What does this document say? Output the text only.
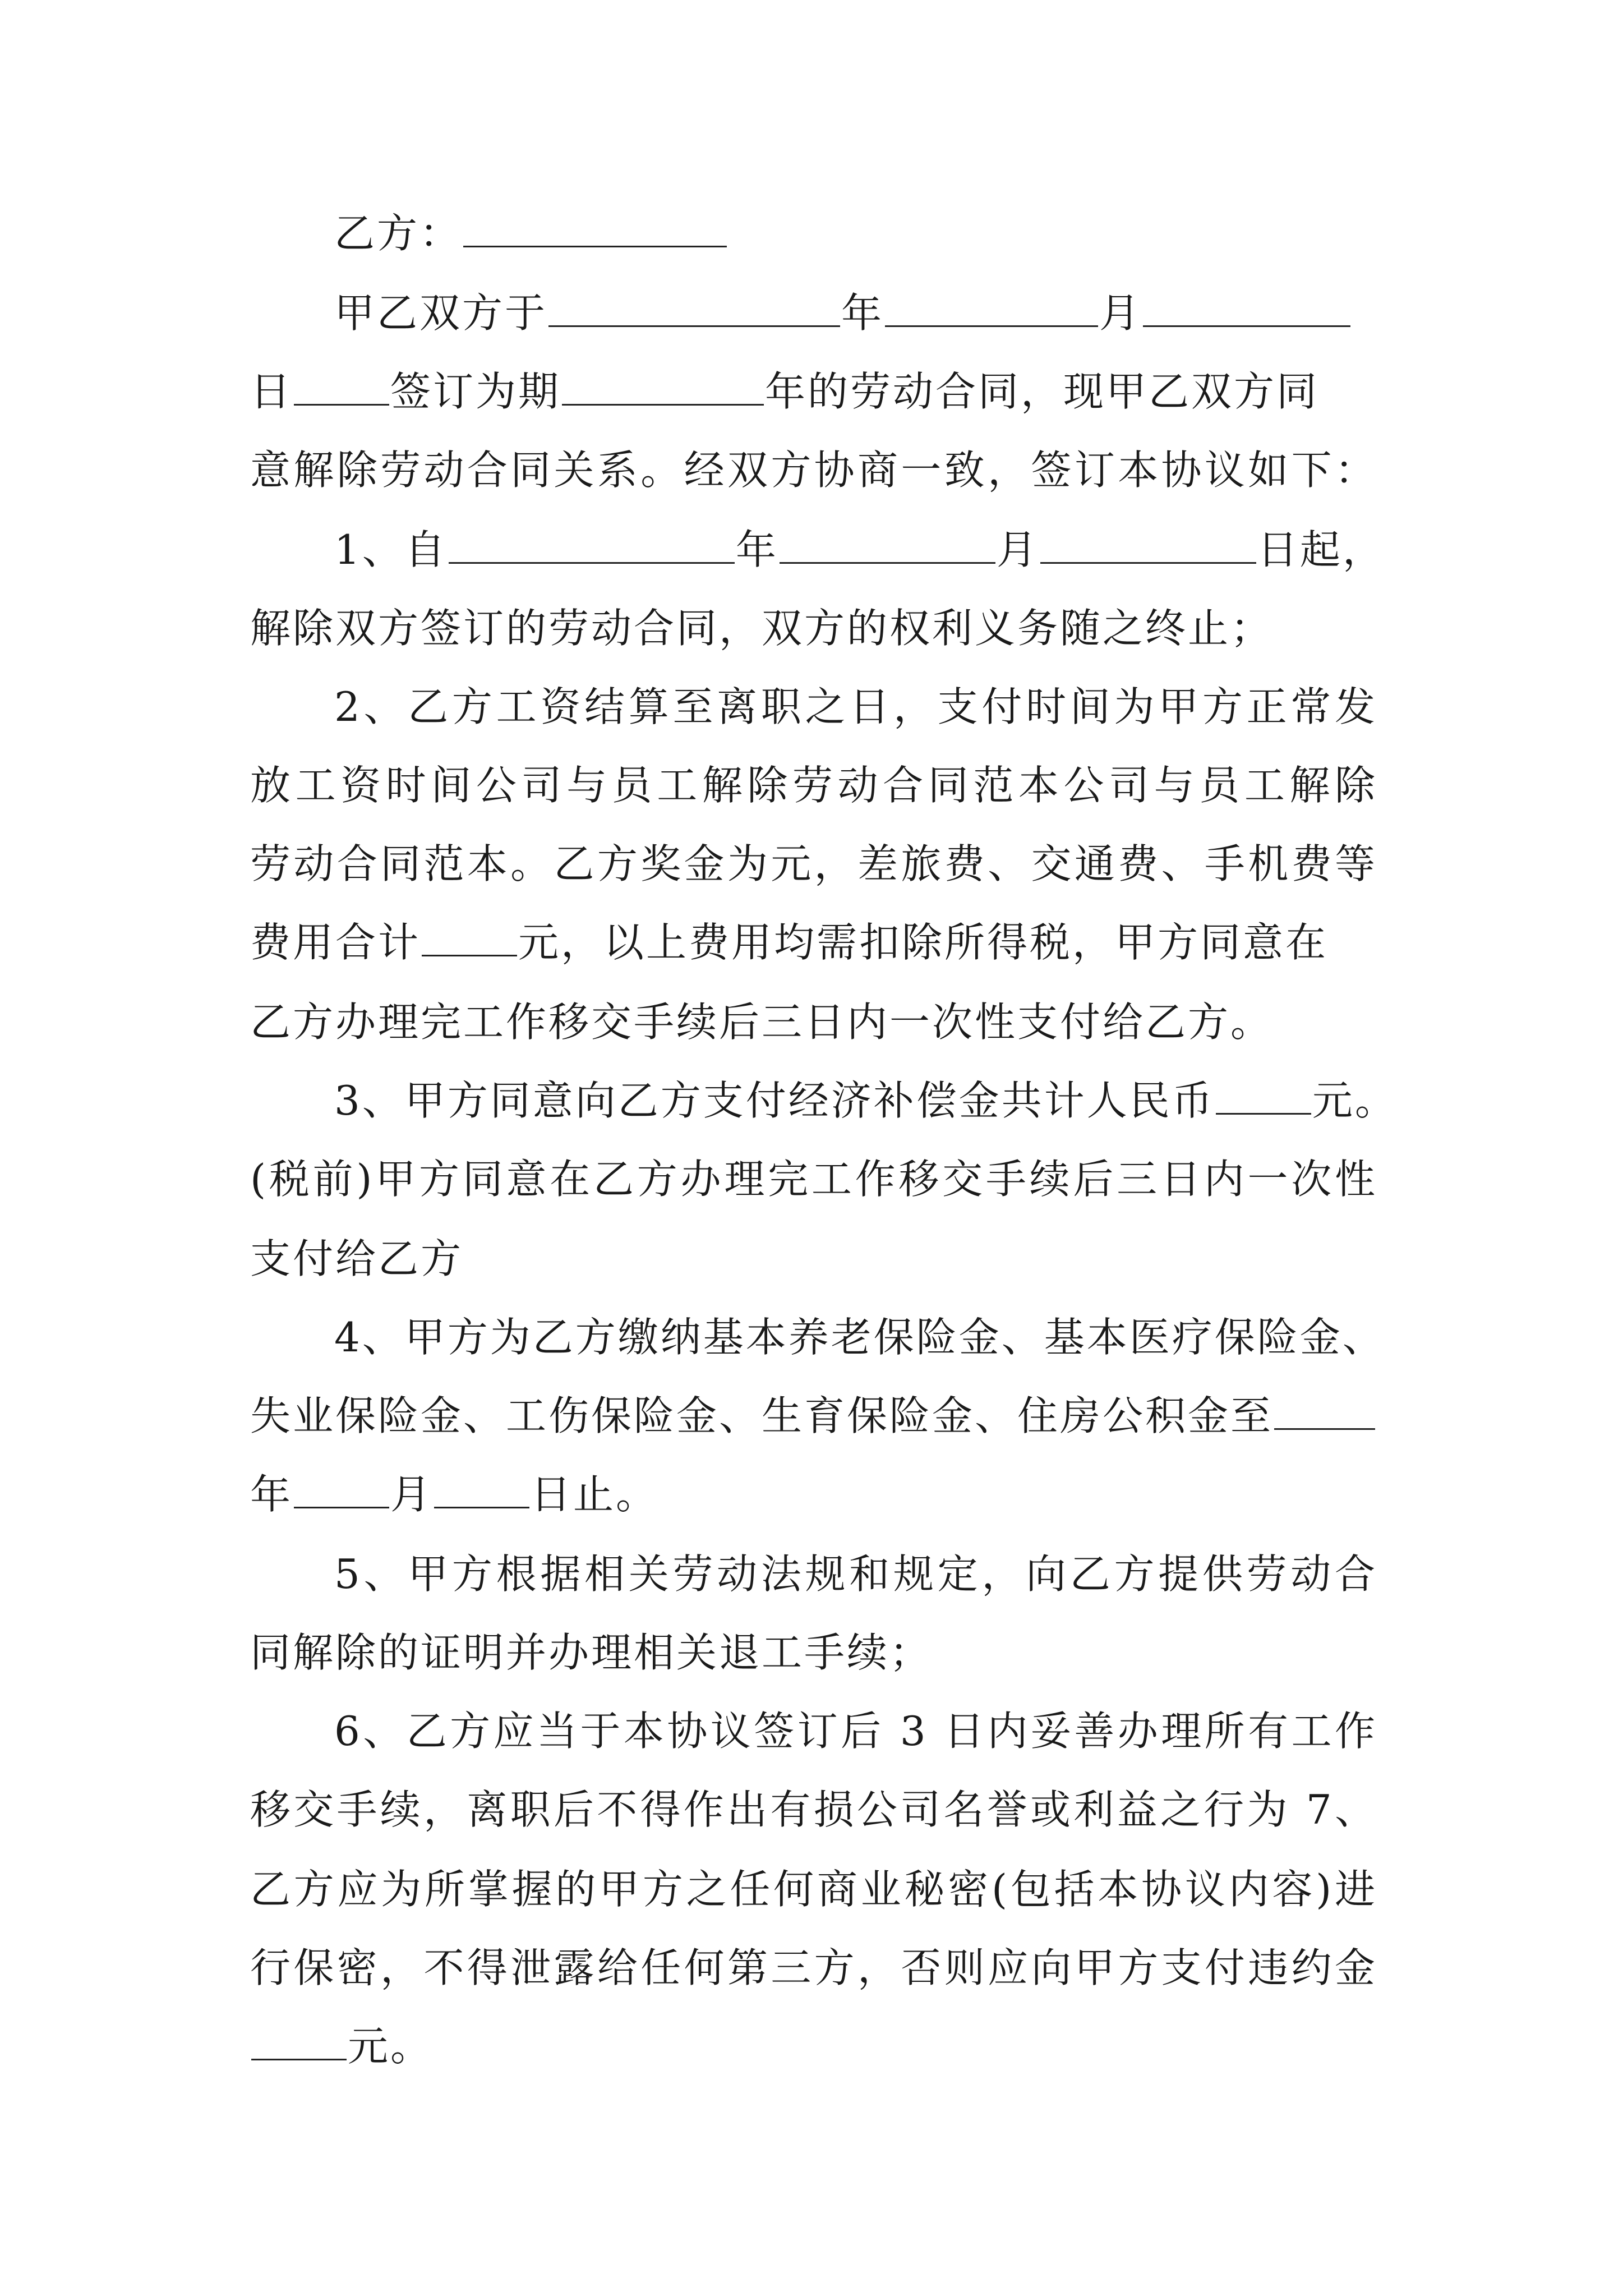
乙方：
甲乙双方于	年	月
日 签订为期	年的劳动合同，现甲乙双方同
意解除劳动合同关系。经双方协商一致，签订本协议如下：
1、自	年	月	日起，
解除双方签订的劳动合同，双方的权利义务随之终止；
2、乙方工资结算至离职之日，支付时间为甲方正常发
放工资时间公司与员工解除劳动合同范本公司与员工解除
劳动合同范本。乙方奖金为元，差旅费、交通费、手机费等
费用合计 元，以上费用均需扣除所得税，甲方同意在
乙方办理完工作移交手续后三日内一次性支付给乙方。
3、甲方同意向乙方支付经济补偿金共计人民币 元。
(税前)甲方同意在乙方办理完工作移交手续后三日内一次性
支付给乙方
4、甲方为乙方缴纳基本养老保险金、基本医疗保险金、
失业保险金、工伤保险金、生育保险金、住房公积金至
年 月 日止。
5、甲方根据相关劳动法规和规定，向乙方提供劳动合
同解除的证明并办理相关退工手续；
6、乙方应当于本协议签订后 3 日内妥善办理所有工作
移交手续，离职后不得作出有损公司名誉或利益之行为 7、
乙方应为所掌握的甲方之任何商业秘密(包括本协议内容)进
行保密，不得泄露给任何第三方，否则应向甲方支付违约金
元。
